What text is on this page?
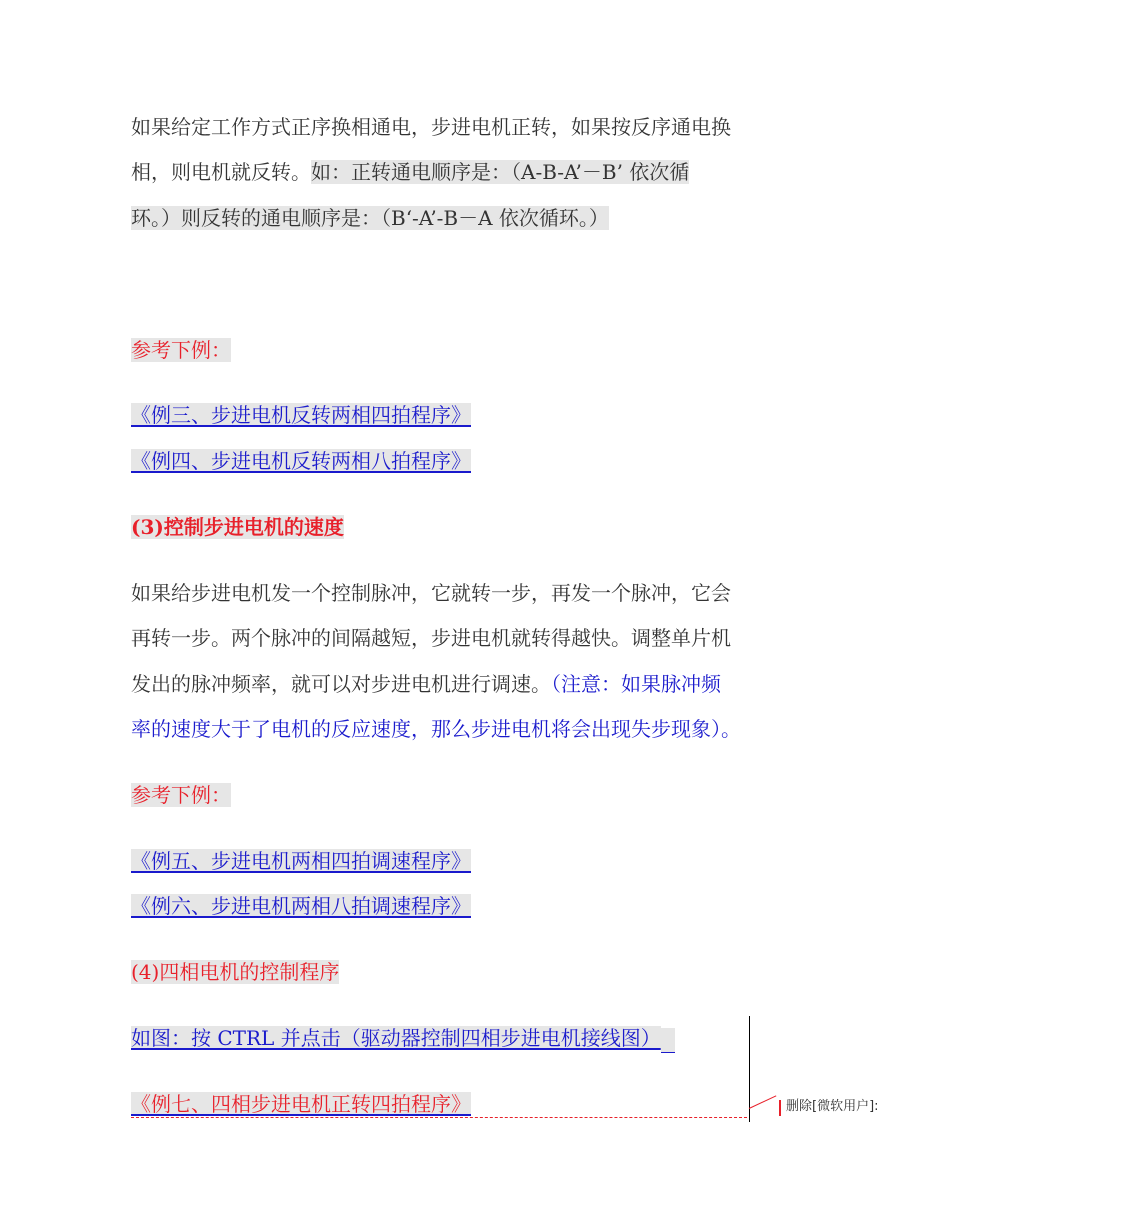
如果给定工作方式正序换相通电，步进电机正转，如果按反序通电换
相，则电机就反转。如：正转通电顺序是：（A-B-A’－B’ 依次循
环。）则反转的通电顺序是：（B‘-A’-B－A 依次循环。）
参考下例：
《例三、步进电机反转两相四拍程序》
《例四、步进电机反转两相八拍程序》
(3)控制步进电机的速度
如果给步进电机发一个控制脉冲，它就转一步，再发一个脉冲，它会
再转一步。两个脉冲的间隔越短，步进电机就转得越快。调整单片机
发出的脉冲频率，就可以对步进电机进行调速。（注意：如果脉冲频
率的速度大于了电机的反应速度，那么步进电机将会出现失步现象）。
参考下例：
《例五、步进电机两相四拍调速程序》
《例六、步进电机两相八拍调速程序》
(4)四相电机的控制程序
如图：按 CTRL 并点击（驱动器控制四相步进电机接线图）
《例七、四相步进电机正转四拍程序》	删除[微软用户]:
